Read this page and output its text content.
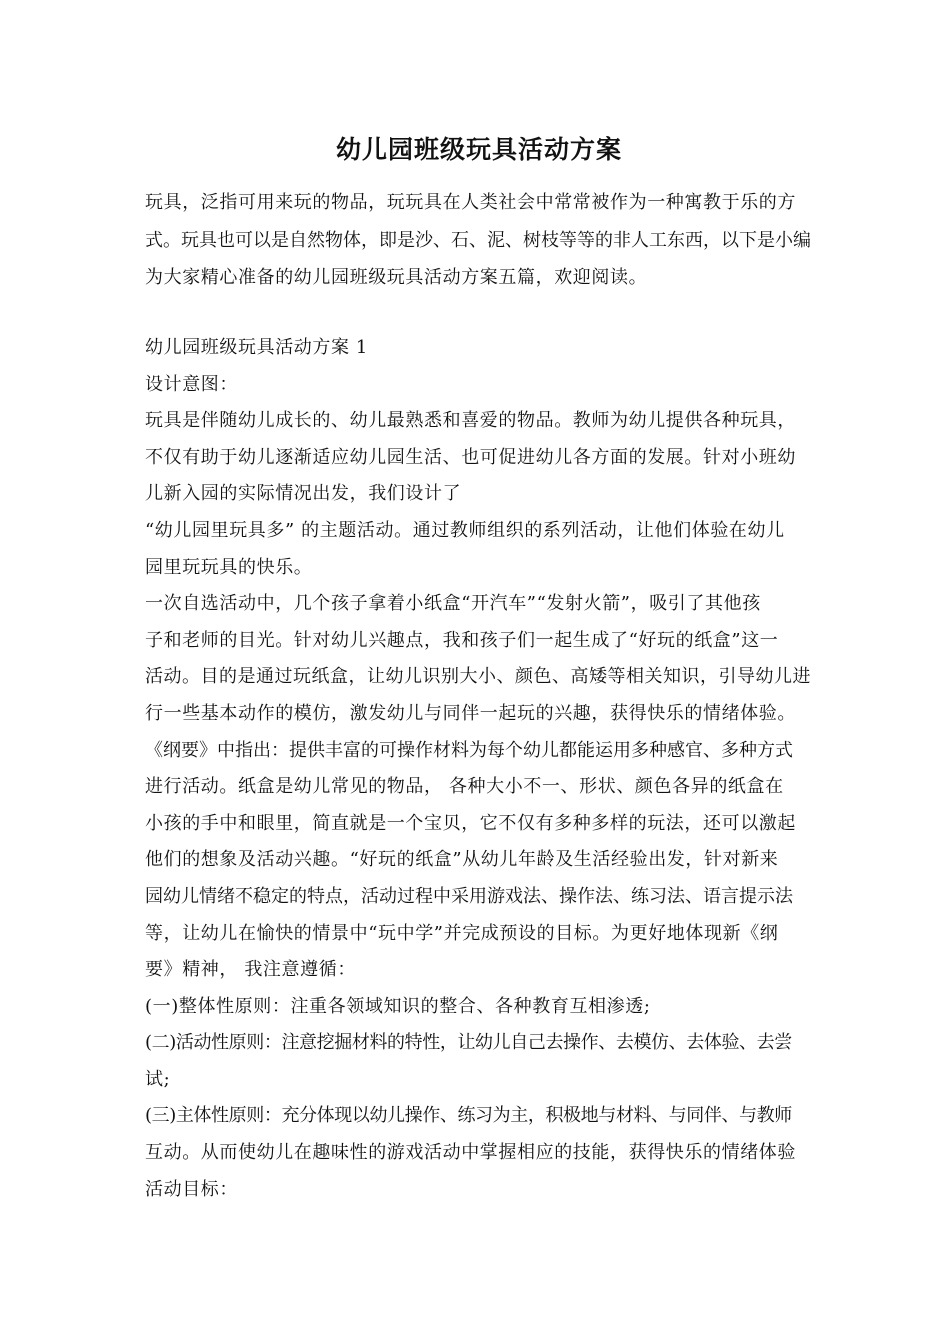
幼儿园班级玩具活动方案
玩具，泛指可用来玩的物品，玩玩具在人类社会中常常被作为一种寓教于乐的方
式。玩具也可以是自然物体，即是沙、石、泥、树枝等等的非人工东西，以下是小编
为大家精心准备的幼儿园班级玩具活动方案五篇，欢迎阅读。
幼儿园班级玩具活动方案 1
设计意图：
玩具是伴随幼儿成长的、幼儿最熟悉和喜爱的物品。教师为幼儿提供各种玩具，
不仅有助于幼儿逐渐适应幼儿园生活、也可促进幼儿各方面的发展。针对小班幼
儿新入园的实际情况出发，我们设计了
“幼儿园里玩具多” 的主题活动。通过教师组织的系列活动，让他们体验在幼儿
园里玩玩具的快乐。
一次自选活动中，几个孩子拿着小纸盒“开汽车”“发射火箭”，吸引了其他孩
子和老师的目光。针对幼儿兴趣点，我和孩子们一起生成了“好玩的纸盒”这一
活动。目的是通过玩纸盒，让幼儿识别大小、颜色、高矮等相关知识，引导幼儿进
行一些基本动作的模仿，激发幼儿与同伴一起玩的兴趣，获得快乐的情绪体验。
《纲要》中指出：提供丰富的可操作材料为每个幼儿都能运用多种感官、多种方式
进行活动。纸盒是幼儿常见的物品， 各种大小不一、形状、颜色各异的纸盒在
小孩的手中和眼里，简直就是一个宝贝，它不仅有多种多样的玩法，还可以激起
他们的想象及活动兴趣。“好玩的纸盒”从幼儿年龄及生活经验出发，针对新来
园幼儿情绪不稳定的特点，活动过程中采用游戏法、操作法、练习法、语言提示法
等，让幼儿在愉快的情景中“玩中学”并完成预设的目标。为更好地体现新《纲
要》精神， 我注意遵循：
(一)整体性原则：注重各领域知识的整合、各种教育互相渗透;
(二)活动性原则：注意挖掘材料的特性，让幼儿自己去操作、去模仿、去体验、去尝
试;
(三)主体性原则：充分体现以幼儿操作、练习为主，积极地与材料、与同伴、与教师
互动。从而使幼儿在趣味性的游戏活动中掌握相应的技能，获得快乐的情绪体验
活动目标：
